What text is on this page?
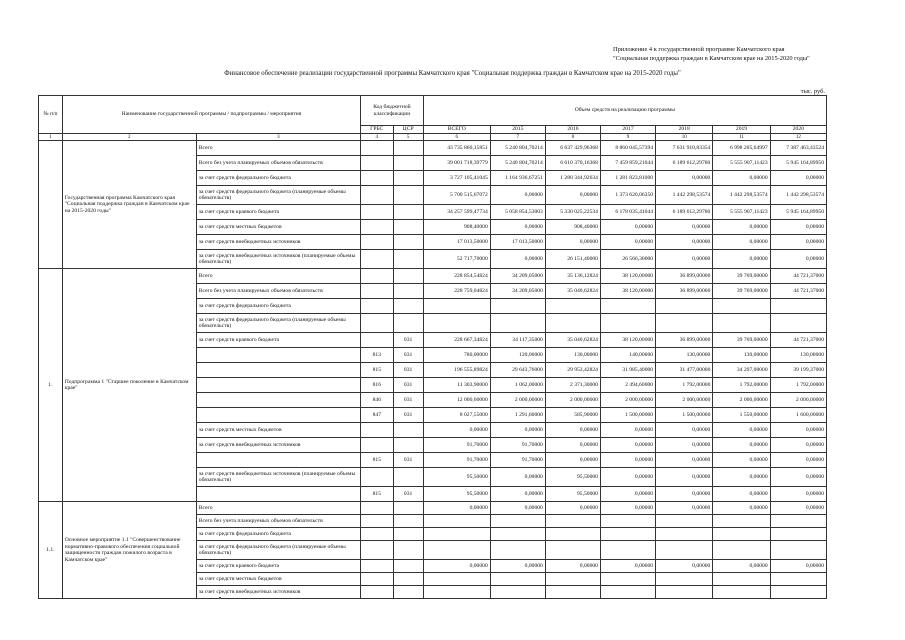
Приложение 4 к государственной программе Камчатского края
"Социальная поддержка граждан в Камчатском крае на 2015-2020 годы"
Финансовое обеспечение реализации государственной программы Камчатского края "Социальная поддержка граждан в Камчатском крае на 2015-2020 годы"
тыс. руб.
№ п/п	Наименование государственной программы / подпрограммы / мероприятия		Код бюджетной классификации		Объем средств на реализацию программы						
			ГРБС	ЦСР	ВСЕГО	2015	2016	2017	2018	2019	2020
1	2	3	4	5	6	7	8	9	10	11	12
	Государственная программа Камчатского края "Социальная поддержка граждан в Камчатском крае на 2015-2020 годы"	Всего			43 735 860,15851	5 240 804,70214	6 637 429,96368	8 860 045,57394	7 631 910,83354	6 998 205,64997	7 387 463,43524
		Всего без учета планируемых объемов обязательств			39 001 718,39779	5 240 804,70214	6 610 370,16368	7 459 859,21044	6 189 612,29780	5 555 907,11423	5 945 164,89950
		за счет средств федерального бюджета			3 727 105,41045	1 164 936,67251	1 280 344,92634	1 281 823,81000	0,00000	0,00000	0,00000
		за счет средств федерального бюджета (планируемые объемы обязательств)			5 700 515,67072	0,00000	0,00000	1 373 620,06350	1 442 298,53574	1 442 298,53574	1 442 298,53574
		за счет средств краевого бюджета			34 257 599,47734	5 058 854,53003	5 330 025,22534	6 178 035,41044	6 189 612,29780	5 555 907,11423	5 945 164,89950
		за счет средств местных бюджетов			908,40000	0,00000	908,40000	0,00000	0,00000	0,00000	0,00000
		за счет средств внебюджетных источников			17 013,50000	17 013,50000	0,00000	0,00000	0,00000	0,00000	0,00000
		за счет средств внебюджетных источников (планируемые объемы обязательств)			52 717,70000	0,00000	26 151,40000	26 566,30000	0,00000	0,00000	0,00000
1.	Подпрограмма 1 "Старшее поколение в Камчатском крае"	Всего			228 854,54824	34 209,05000	35 136,12824	38 120,00000	36 899,00000	39 769,00000	44 721,37000
		Всего без учета планируемых объемов обязательств			228 759,04824	34 209,05000	35 040,62824	38 120,00000	36 899,00000	39 769,00000	44 721,37000
		за счет средств федерального бюджета									
		за счет средств федерального бюджета (планируемые объемы обязательств)									
		за счет средств краевого бюджета		031	228 667,34824	34 117,35000	35 040,62824	38 120,00000	36 899,00000	39 769,00000	44 721,37000
			813	031	780,00000	120,00000	130,00000	140,00000	130,00000	130,00000	130,00000
			815	031	196 555,89824	29 643,76000	29 953,42824	31 985,40000	31 477,00000	34 297,00000	39 199,37000
			816	031	11 303,90000	1 062,00000	2 371,30000	2 494,60000	1 792,00000	1 792,00000	1 792,00000
			846	031	12 000,00000	2 000,00000	2 000,00000	2 000,00000	2 000,00000	2 000,00000	2 000,00000
			847	031	8 027,55000	1 291,60000	585,90000	1 500,00000	1 500,00000	1 550,00000	1 600,00000
		за счет средств местных бюджетов			0,00000	0,00000	0,00000	0,00000	0,00000	0,00000	0,00000
		за счет средств внебюджетных источников			91,70000	91,70000	0,00000	0,00000	0,00000	0,00000	0,00000
			815	031	91,70000	91,70000	0,00000	0,00000	0,00000	0,00000	0,00000
		за счет средств внебюджетных источников (планируемые объемы обязательств)			95,50000	0,00000	95,50000	0,00000	0,00000	0,00000	0,00000
			815	031	95,50000	0,00000	95,50000	0,00000	0,00000	0,00000	0,00000
1.1.	Основное мероприятие 1.1 "Совершенствование нормативно-правового обеспечения социальной защищенности граждан пожилого возраста в Камчатском крае"	Всего			0,00000	0,00000	0,00000	0,00000	0,00000	0,00000	0,00000
		Всего без учета планируемых объемов обязательств									
		за счет средств федерального бюджета									
		за счет средств федерального бюджета (планируемые объемы обязательств)									
		за счет средств краевого бюджета			0,00000	0,00000	0,00000	0,00000	0,00000	0,00000	0,00000
		за счет средств местных бюджетов									
		за счет средств внебюджетных источников									
